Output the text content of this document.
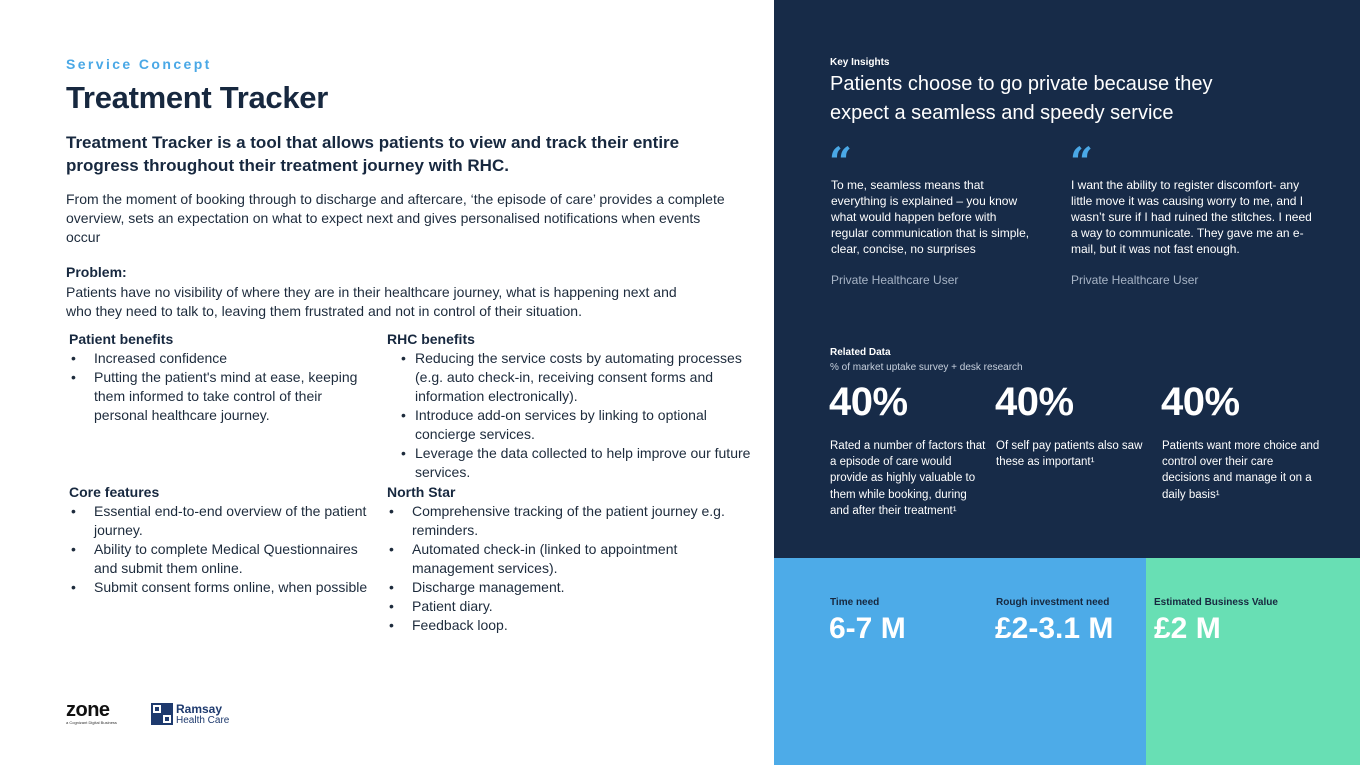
Service Concept
Treatment Tracker
Treatment Tracker is a tool that allows patients to view and track their entire progress throughout their treatment journey with RHC.
From the moment of booking through to discharge and aftercare, ‘the episode of care’ provides a complete overview, sets an expectation on what to expect next and gives personalised notifications when events occur
Problem:
Patients have no visibility of where they are in their healthcare journey, what is happening next and who they need to talk to, leaving them frustrated and not in control of their situation.
Patient benefits
• Increased confidence
• Putting the patient's mind at ease, keeping them informed to take control of their personal healthcare journey.
RHC benefits
• Reducing the service costs by automating processes (e.g. auto check-in, receiving consent forms and information electronically).
• Introduce add-on services by linking to optional concierge services.
• Leverage the data collected to help improve our future services.
Core features
• Essential end-to-end overview of the patient journey.
• Ability to complete Medical Questionnaires and submit them online.
• Submit consent forms online, when possible
North Star
• Comprehensive tracking of the patient journey e.g. reminders.
• Automated check-in (linked to appointment management services).
• Discharge management.
• Patient diary.
• Feedback loop.
zone
a Cognizant Digital Business
Ramsay
Health Care
Key Insights
Patients choose to go private because they expect a seamless and speedy service
“
To me, seamless means that everything is explained – you know what would happen before with regular communication that is simple, clear, concise, no surprises
Private Healthcare User
“
I want the ability to register discomfort- any little move it was causing worry to me, and I wasn’t sure if I had ruined the stitches. I need a way to communicate. They gave me an e-mail, but it was not fast enough.
Private Healthcare User
Related Data
% of market uptake survey + desk research
40%
Rated a number of factors that a episode of care would provide as highly valuable to them while booking, during and after their treatment¹
40%
Of self pay patients also saw these as important¹
40%
Patients want more choice and control over their care decisions and manage it on a daily basis¹
Time need
6-7 M
Rough investment need
£2-3.1 M
Estimated Business Value
£2 M
